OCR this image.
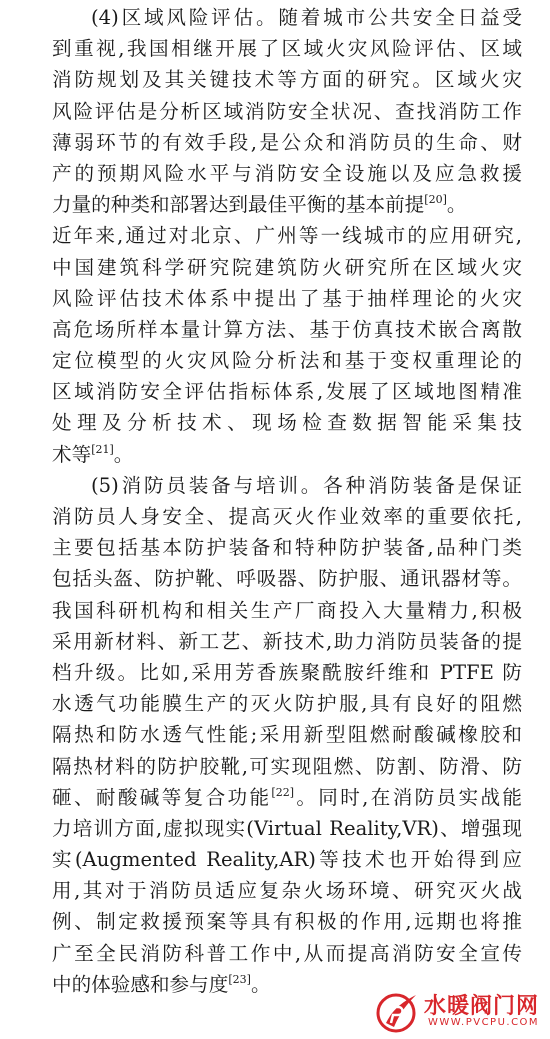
(4)区域风险评估。随着城市公共安全日益受
到重视,我国相继开展了区域火灾风险评估、区域
消防规划及其关键技术等方面的研究。区域火灾
风险评估是分析区域消防安全状况、查找消防工作
薄弱环节的有效手段,是公众和消防员的生命、财
产的预期风险水平与消防安全设施以及应急救援
力量的种类和部署达到最佳平衡的基本前提[20]。
近年来,通过对北京、广州等一线城市的应用研究,
中国建筑科学研究院建筑防火研究所在区域火灾
风险评估技术体系中提出了基于抽样理论的火灾
高危场所样本量计算方法、基于仿真技术嵌合离散
定位模型的火灾风险分析法和基于变权重理论的
区域消防安全评估指标体系,发展了区域地图精准
处理及分析技术、现场检查数据智能采集技
术等[21]。
(5)消防员装备与培训。各种消防装备是保证
消防员人身安全、提高灭火作业效率的重要依托,
主要包括基本防护装备和特种防护装备,品种门类
包括头盔、防护靴、呼吸器、防护服、通讯器材等。
我国科研机构和相关生产厂商投入大量精力,积极
采用新材料、新工艺、新技术,助力消防员装备的提
档升级。比如,采用芳香族聚酰胺纤维和 PTFE 防
水透气功能膜生产的灭火防护服,具有良好的阻燃
隔热和防水透气性能;采用新型阻燃耐酸碱橡胶和
隔热材料的防护胶靴,可实现阻燃、防割、防滑、防
砸、耐酸碱等复合功能[22]。同时,在消防员实战能
力培训方面,虚拟现实(Virtual Reality,VR)、增强现
实(Augmented Reality,AR)等技术也开始得到应
用,其对于消防员适应复杂火场环境、研究灭火战
例、制定救援预案等具有积极的作用,远期也将推
广至全民消防科普工作中,从而提高消防安全宣传
中的体验感和参与度[23]。
水暖阀门网
WWW.PVCPU.COM
